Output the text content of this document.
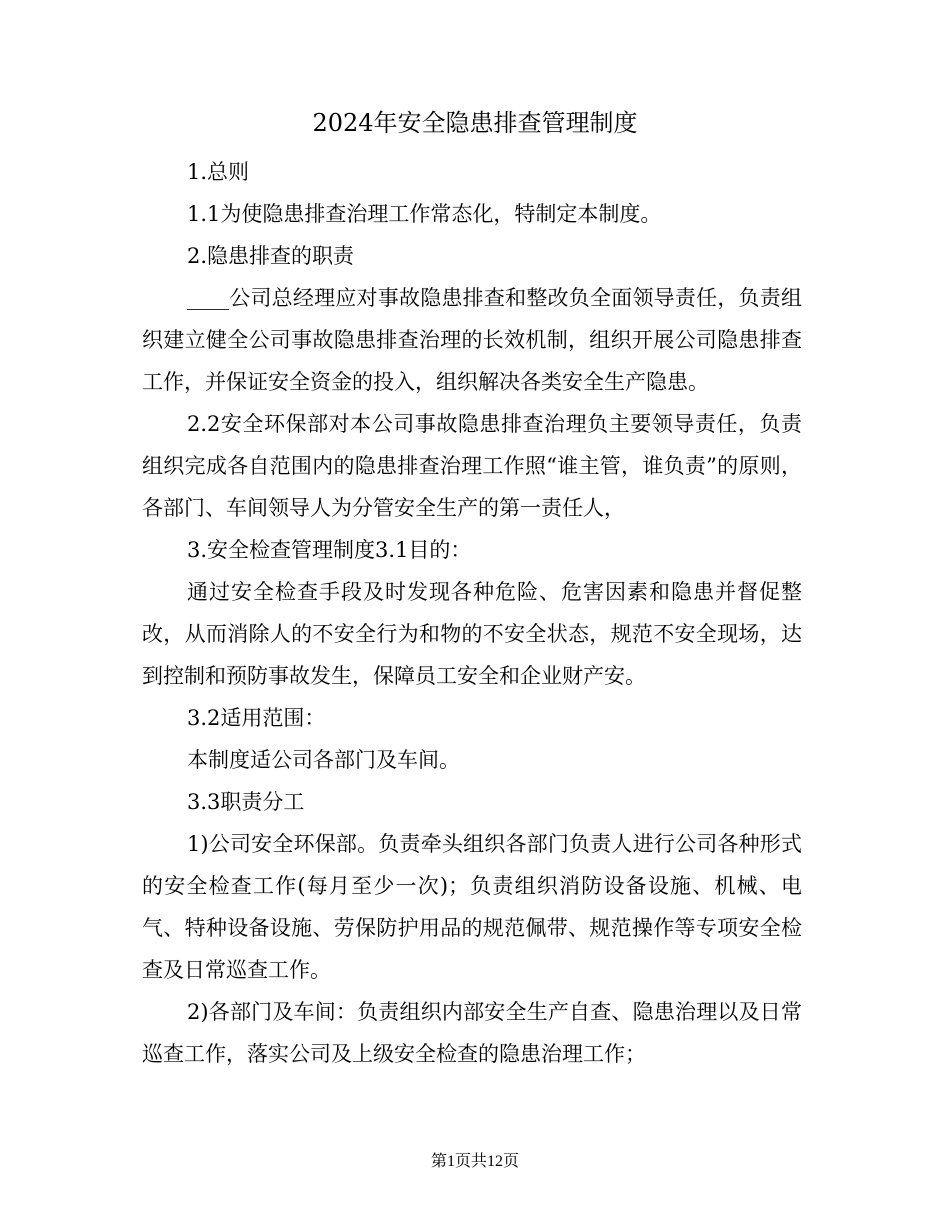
2024年安全隐患排查管理制度

1.总则

1.1为使隐患排查治理工作常态化，特制定本制度。

2.隐患排查的职责

____公司总经理应对事故隐患排查和整改负全面领导责任，负责组织建立健全公司事故隐患排查治理的长效机制，组织开展公司隐患排查工作，并保证安全资金的投入，组织解决各类安全生产隐患。

2.2安全环保部对本公司事故隐患排查治理负主要领导责任，负责组织完成各自范围内的隐患排查治理工作照“谁主管，谁负责”的原则，各部门、车间领导人为分管安全生产的第一责任人，

3.安全检查管理制度3.1目的：

通过安全检查手段及时发现各种危险、危害因素和隐患并督促整改，从而消除人的不安全行为和物的不安全状态，规范不安全现场，达到控制和预防事故发生，保障员工安全和企业财产安。

3.2适用范围：

本制度适公司各部门及车间。

3.3职责分工

1)公司安全环保部。负责牵头组织各部门负责人进行公司各种形式的安全检查工作(每月至少一次)；负责组织消防设备设施、机械、电气、特种设备设施、劳保防护用品的规范佩带、规范操作等专项安全检查及日常巡查工作。

2)各部门及车间：负责组织内部安全生产自查、隐患治理以及日常巡查工作，落实公司及上级安全检查的隐患治理工作；

第1页共12页
